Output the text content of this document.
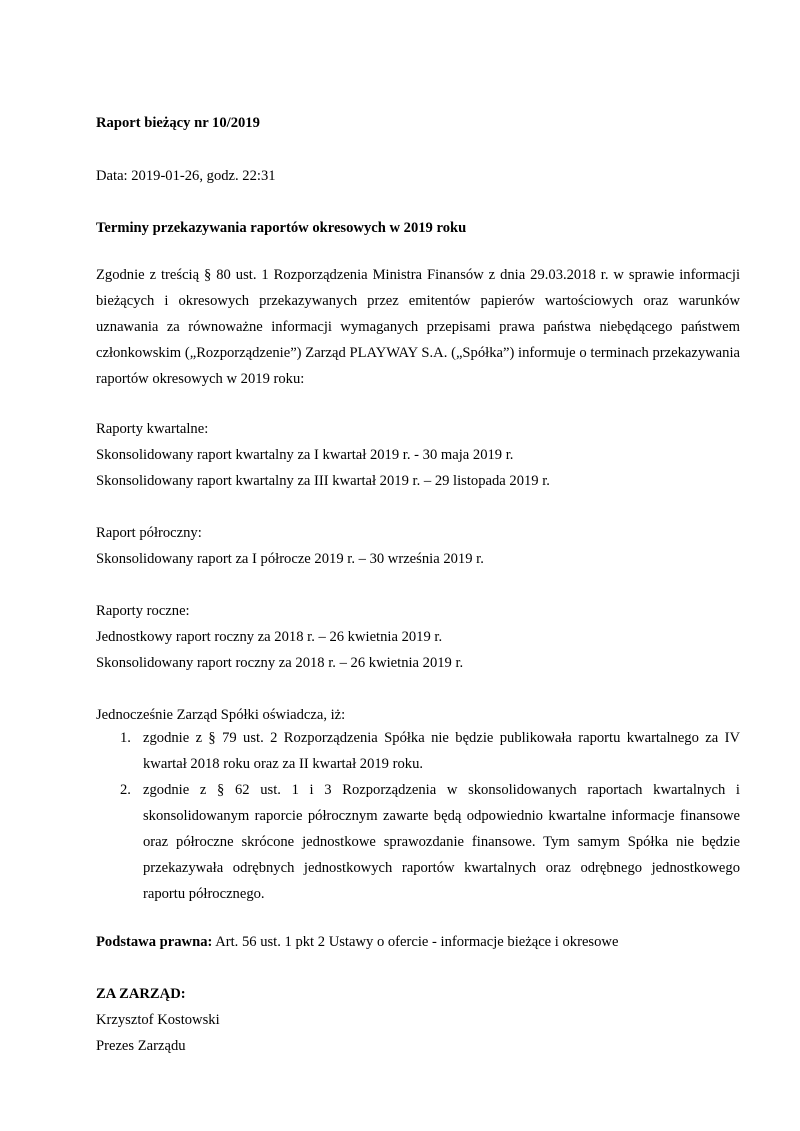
Raport bieżący nr 10/2019
Data: 2019-01-26, godz. 22:31
Terminy przekazywania raportów okresowych w 2019 roku
Zgodnie z treścią § 80 ust. 1 Rozporządzenia Ministra Finansów z dnia 29.03.2018 r. w sprawie informacji bieżących i okresowych przekazywanych przez emitentów papierów wartościowych oraz warunków uznawania za równoważne informacji wymaganych przepisami prawa państwa niebędącego państwem członkowskim („Rozporządzenie”) Zarząd PLAYWAY S.A. („Spółka”) informuje o terminach przekazywania raportów okresowych w 2019 roku:
Raporty kwartalne:
Skonsolidowany raport kwartalny za I kwartał 2019 r. - 30 maja 2019 r.
Skonsolidowany raport kwartalny za III kwartał 2019 r. – 29 listopada 2019 r.
Raport półroczny:
Skonsolidowany raport za I półrocze 2019 r. – 30 września 2019 r.
Raporty roczne:
Jednostkowy raport roczny za 2018 r. – 26 kwietnia 2019 r.
Skonsolidowany raport roczny za 2018 r. – 26 kwietnia 2019 r.
Jednocześnie Zarząd Spółki oświadcza, iż:
1. zgodnie z § 79 ust. 2 Rozporządzenia Spółka nie będzie publikowała raportu kwartalnego za IV kwartał 2018 roku oraz za II kwartał 2019 roku.
2. zgodnie z § 62 ust. 1 i 3 Rozporządzenia w skonsolidowanych raportach kwartalnych i skonsolidowanym raporcie półrocznym zawarte będą odpowiednio kwartalne informacje finansowe oraz półroczne skrócone jednostkowe sprawozdanie finansowe. Tym samym Spółka nie będzie przekazywała odrębnych jednostkowych raportów kwartalnych oraz odrębnego jednostkowego raportu półrocznego.
Podstawa prawna: Art. 56 ust. 1 pkt 2 Ustawy o ofercie - informacje bieżące i okresowe
ZA ZARZĄD:
Krzysztof Kostowski
Prezes Zarządu
